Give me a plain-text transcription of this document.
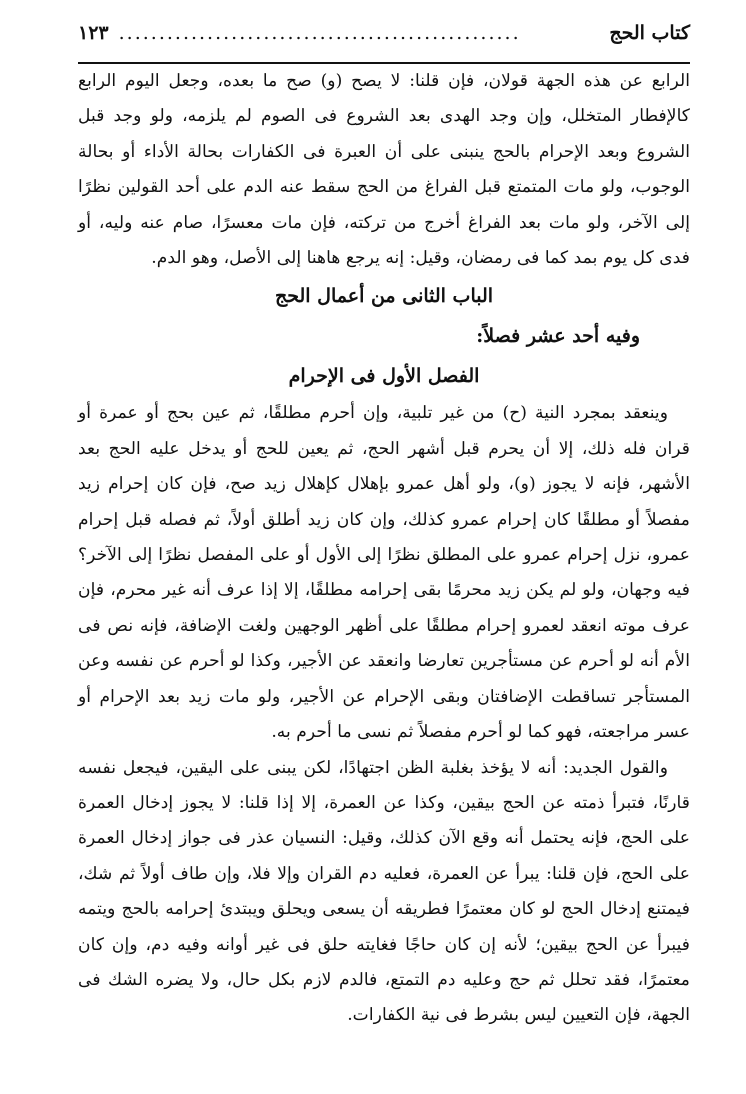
كتاب الحج
..................................................
١٢٣

الرابع عن هذه الجهة قولان، فإن قلنا: لا يصح (و) صح ما بعده، وجعل اليوم الرابع كالإفطار المتخلل، وإن وجد الهدى بعد الشروع فى الصوم لم يلزمه، ولو وجد قبل الشروع وبعد الإحرام بالحج ينبنى على أن العبرة فى الكفارات بحالة الأداء أو بحالة الوجوب، ولو مات المتمتع قبل الفراغ من الحج سقط عنه الدم على أحد القولين نظرًا إلى الآخر، ولو مات بعد الفراغ أخرج من تركته، فإن مات معسرًا، صام عنه وليه، أو فدى كل يوم بمد كما فى رمضان، وقيل: إنه يرجع هاهنا إلى الأصل، وهو الدم.

الباب الثانى من أعمال الحج
وفيه أحد عشر فصلاً:
الفصل الأول فى الإحرام

وينعقد بمجرد النية (ح) من غير تلبية، وإن أحرم مطلقًا، ثم عين بحج أو عمرة أو قران فله ذلك، إلا أن يحرم قبل أشهر الحج، ثم يعين للحج أو يدخل عليه الحج بعد الأشهر، فإنه لا يجوز (و)، ولو أهل عمرو بإهلال كإهلال زيد صح، فإن كان إحرام زيد مفصلاً أو مطلقًا كان إحرام عمرو كذلك، وإن كان زيد أطلق أولاً، ثم فصله قبل إحرام عمرو، نزل إحرام عمرو على المطلق نظرًا إلى الأول أو على المفصل نظرًا إلى الآخر؟ فيه وجهان، ولو لم يكن زيد محرمًا بقى إحرامه مطلقًا، إلا إذا عرف أنه غير محرم، فإن عرف موته انعقد لعمرو إحرام مطلقًا على أظهر الوجهين ولغت الإضافة، فإنه نص فى الأم أنه لو أحرم عن مستأجرين تعارضا وانعقد عن الأجير، وكذا لو أحرم عن نفسه وعن المستأجر تساقطت الإضافتان وبقى الإحرام عن الأجير، ولو مات زيد بعد الإحرام أو عسر مراجعته، فهو كما لو أحرم مفصلاً ثم نسى ما أحرم به.

والقول الجديد: أنه لا يؤخذ بغلبة الظن اجتهادًا، لكن يبنى على اليقين، فيجعل نفسه قارنًا، فتبرأ ذمته عن الحج بيقين، وكذا عن العمرة، إلا إذا قلنا: لا يجوز إدخال العمرة على الحج، فإنه يحتمل أنه وقع الآن كذلك، وقيل: النسيان عذر فى جواز إدخال العمرة على الحج، فإن قلنا: يبرأ عن العمرة، فعليه دم القران وإلا فلا، وإن طاف أولاً ثم شك، فيمتنع إدخال الحج لو كان معتمرًا فطريقه أن يسعى ويحلق ويبتدئ إحرامه بالحج ويتمه فيبرأ عن الحج بيقين؛ لأنه إن كان حاجًا فغايته حلق فى غير أوانه وفيه دم، وإن كان معتمرًا، فقد تحلل ثم حج وعليه دم التمتع، فالدم لازم بكل حال، ولا يضره الشك فى الجهة، فإن التعيين ليس بشرط فى نية الكفارات.
